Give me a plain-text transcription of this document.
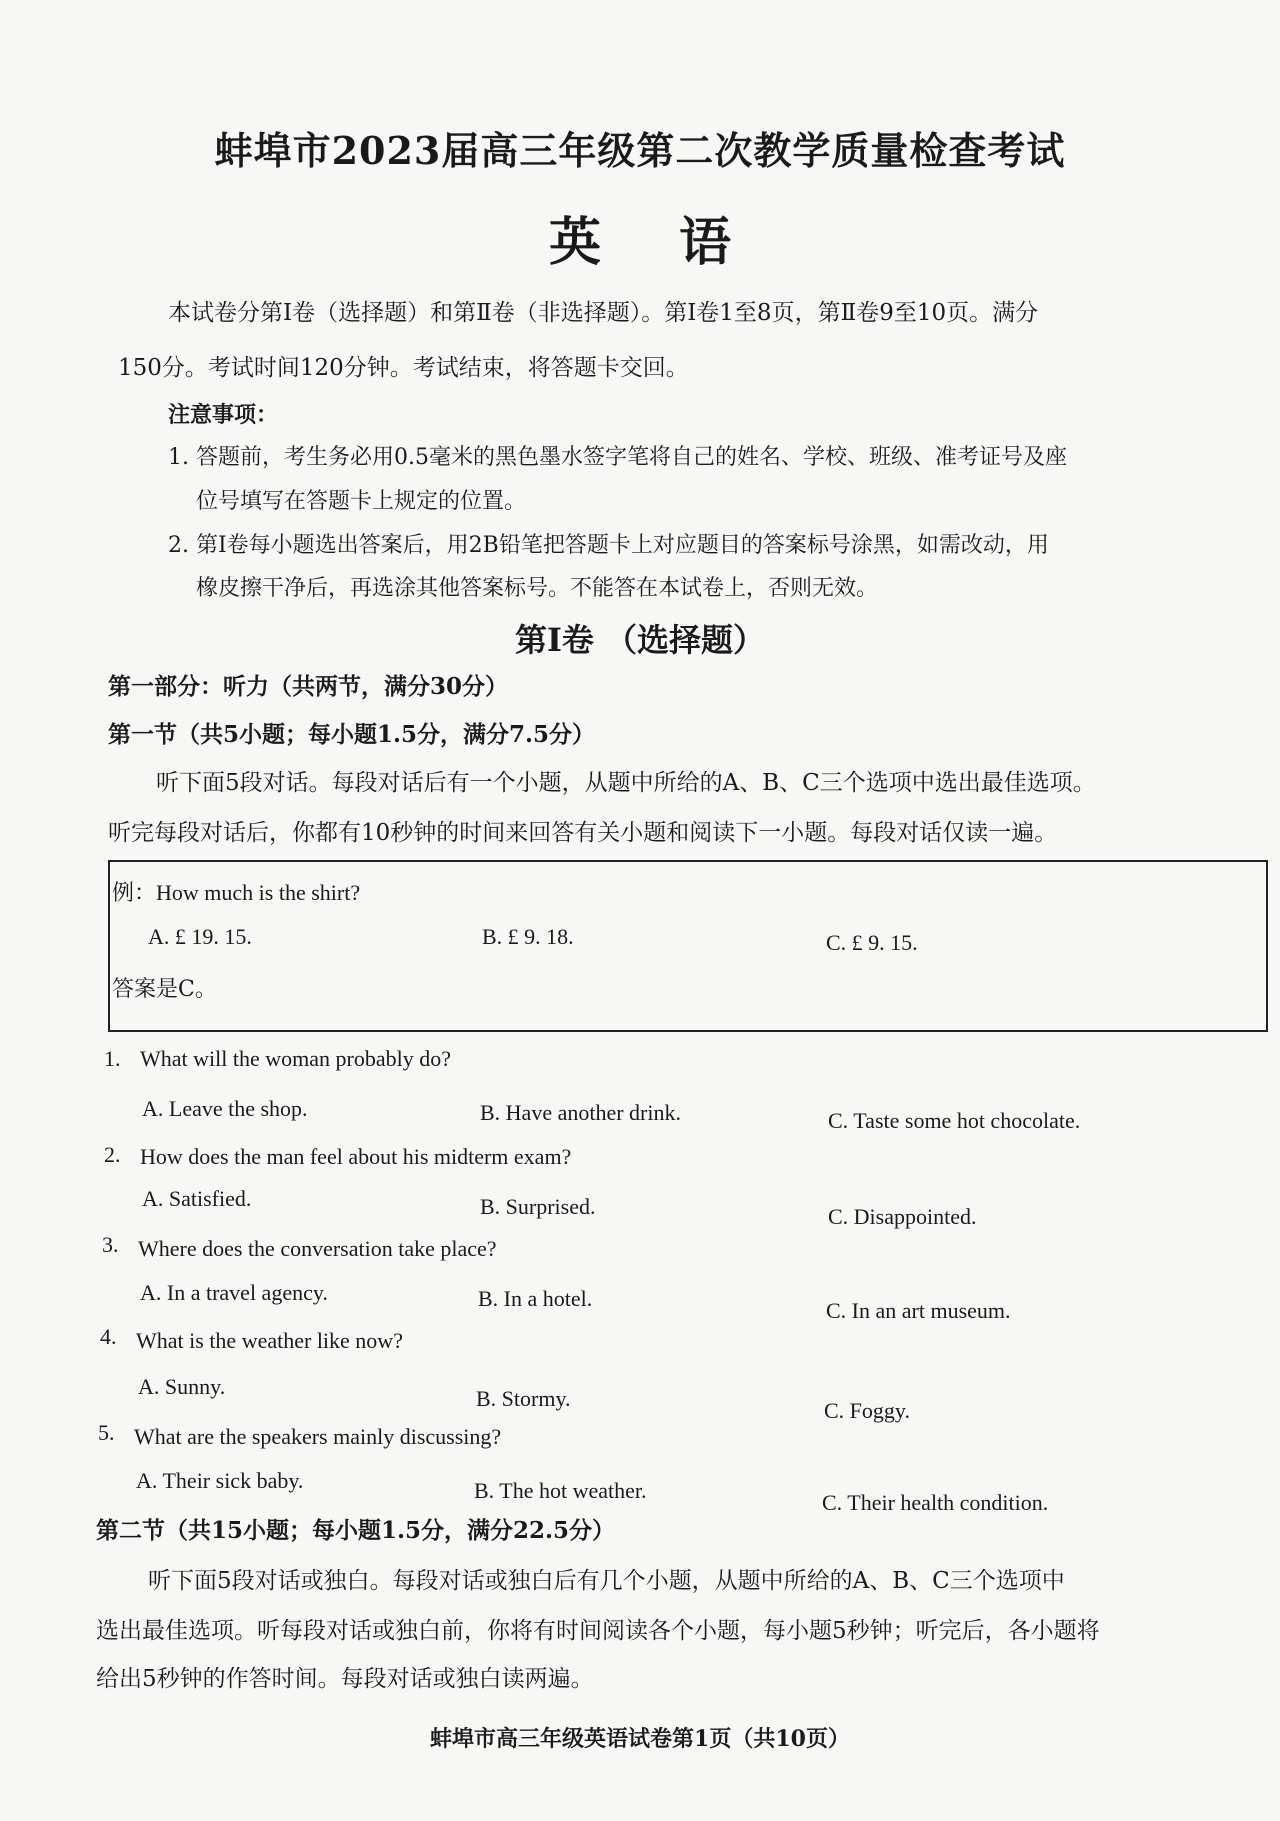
蚌埠市2023届高三年级第二次教学质量检查考试
英 语
本试卷分第Ⅰ卷（选择题）和第Ⅱ卷（非选择题）。第Ⅰ卷1至8页，第Ⅱ卷9至10页。满分
150分。考试时间120分钟。考试结束，将答题卡交回。
注意事项：
1. 答题前，考生务必用0.5毫米的黑色墨水签字笔将自己的姓名、学校、班级、准考证号及座
位号填写在答题卡上规定的位置。
2. 第Ⅰ卷每小题选出答案后，用2B铅笔把答题卡上对应题目的答案标号涂黑，如需改动，用
橡皮擦干净后，再选涂其他答案标号。不能答在本试卷上，否则无效。
第Ⅰ卷 （选择题）
第一部分：听力（共两节，满分30分）
第一节（共5小题；每小题1.5分，满分7.5分）
听下面5段对话。每段对话后有一个小题，从题中所给的A、B、C三个选项中选出最佳选项。
听完每段对话后，你都有10秒钟的时间来回答有关小题和阅读下一小题。每段对话仅读一遍。
例：How much is the shirt?
A. £ 19. 15.	B. £ 9. 18.	C. £ 9. 15.
答案是C。
1. What will the woman probably do?
A. Leave the shop.	B. Have another drink.	C. Taste some hot chocolate.
2. How does the man feel about his midterm exam?
A. Satisfied.	B. Surprised.	C. Disappointed.
3. Where does the conversation take place?
A. In a travel agency.	B. In a hotel.	C. In an art museum.
4. What is the weather like now?
A. Sunny.	B. Stormy.	C. Foggy.
5. What are the speakers mainly discussing?
A. Their sick baby.	B. The hot weather.	C. Their health condition.
第二节（共15小题；每小题1.5分，满分22.5分）
听下面5段对话或独白。每段对话或独白后有几个小题，从题中所给的A、B、C三个选项中
选出最佳选项。听每段对话或独白前，你将有时间阅读各个小题，每小题5秒钟；听完后，各小题将
给出5秒钟的作答时间。每段对话或独白读两遍。
蚌埠市高三年级英语试卷第1页（共10页）
